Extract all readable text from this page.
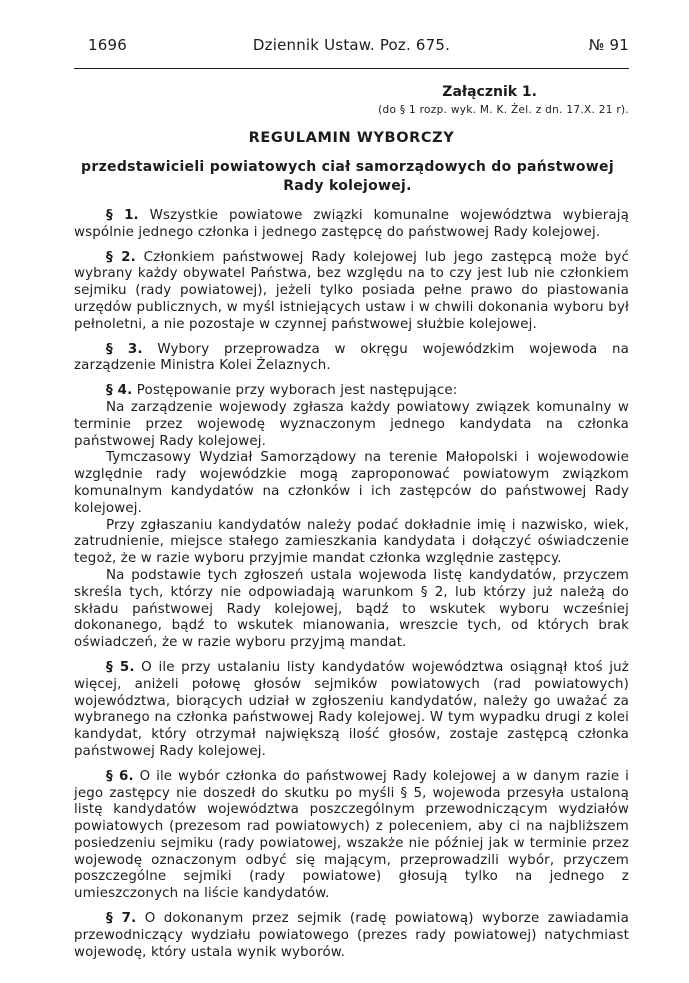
1696	Dziennik Ustaw. Poz. 675.	№ 91
Załącznik 1.
(do § 1 rozp. wyk. M. K. Żel. z dn. 17.X. 21 r).
REGULAMIN WYBORCZY
przedstawicieli powiatowych ciał samorządowych do państwowej Rady kolejowej.

§ 1. Wszystkie powiatowe związki komunalne województwa wybierają wspólnie jednego członka i jednego zastępcę do państwowej Rady kolejowej.

§ 2. Członkiem państwowej Rady kolejowej lub jego zastępcą może być wybrany każdy obywatel Państwa, bez względu na to czy jest lub nie członkiem sejmiku (rady powiatowej), jeżeli tylko posiada pełne prawo do piastowania urzędów publicznych, w myśl istniejących ustaw i w chwili dokonania wyboru był pełnoletni, a nie pozostaje w czynnej państwowej służbie kolejowej.

§ 3. Wybory przeprowadza w okręgu wojewódzkim wojewoda na zarządzenie Ministra Kolei Żelaznych.

§ 4. Postępowanie przy wyborach jest następujące:

Na zarządzenie wojewody zgłasza każdy powiatowy związek komunalny w terminie przez wojewodę wyznaczonym jednego kandydata na członka państwowej Rady kolejowej.

Tymczasowy Wydział Samorządowy na terenie Małopolski i wojewodowie względnie rady wojewódzkie mogą zaproponować powiatowym związkom komunalnym kandydatów na członków i ich zastępców do państwowej Rady kolejowej.

Przy zgłaszaniu kandydatów należy podać dokładnie imię i nazwisko, wiek, zatrudnienie, miejsce stałego zamieszkania kandydata i dołączyć oświadczenie tegoż, że w razie wyboru przyjmie mandat członka względnie zastępcy.

Na podstawie tych zgłoszeń ustala wojewoda listę kandydatów, przyczem skreśla tych, którzy nie odpowiadają warunkom § 2, lub którzy już należą do składu państwowej Rady kolejowej, bądź to wskutek wyboru wcześniej dokonanego, bądź to wskutek mianowania, wreszcie tych, od których brak oświadczeń, że w razie wyboru przyjmą mandat.

§ 5. O ile przy ustalaniu listy kandydatów województwa osiągnął ktoś już więcej, aniżeli połowę głosów sejmików powiatowych (rad powiatowych) województwa, biorących udział w zgłoszeniu kandydatów, należy go uważać za wybranego na członka państwowej Rady kolejowej. W tym wypadku drugi z kolei kandydat, który otrzymał największą ilość głosów, zostaje zastępcą członka państwowej Rady kolejowej.

§ 6. O ile wybór członka do państwowej Rady kolejowej a w danym razie i jego zastępcy nie doszedł do skutku po myśli § 5, wojewoda przesyła ustaloną listę kandydatów województwa poszczególnym przewodniczącym wydziałów powiatowych (prezesom rad powiatowych) z poleceniem, aby ci na najbliższem posiedzeniu sejmiku (rady powiatowej, wszakże nie później jak w terminie przez wojewodę oznaczonym odbyć się mającym, przeprowadzili wybór, przyczem poszczególne sejmiki (rady powiatowe) głosują tylko na jednego z umieszczonych na liście kandydatów.

§ 7. O dokonanym przez sejmik (radę powiatową) wyborze zawiadamia przewodniczący wydziału powiatowego (prezes rady powiatowej) natychmiast wojewodę, który ustala wynik wyborów.
